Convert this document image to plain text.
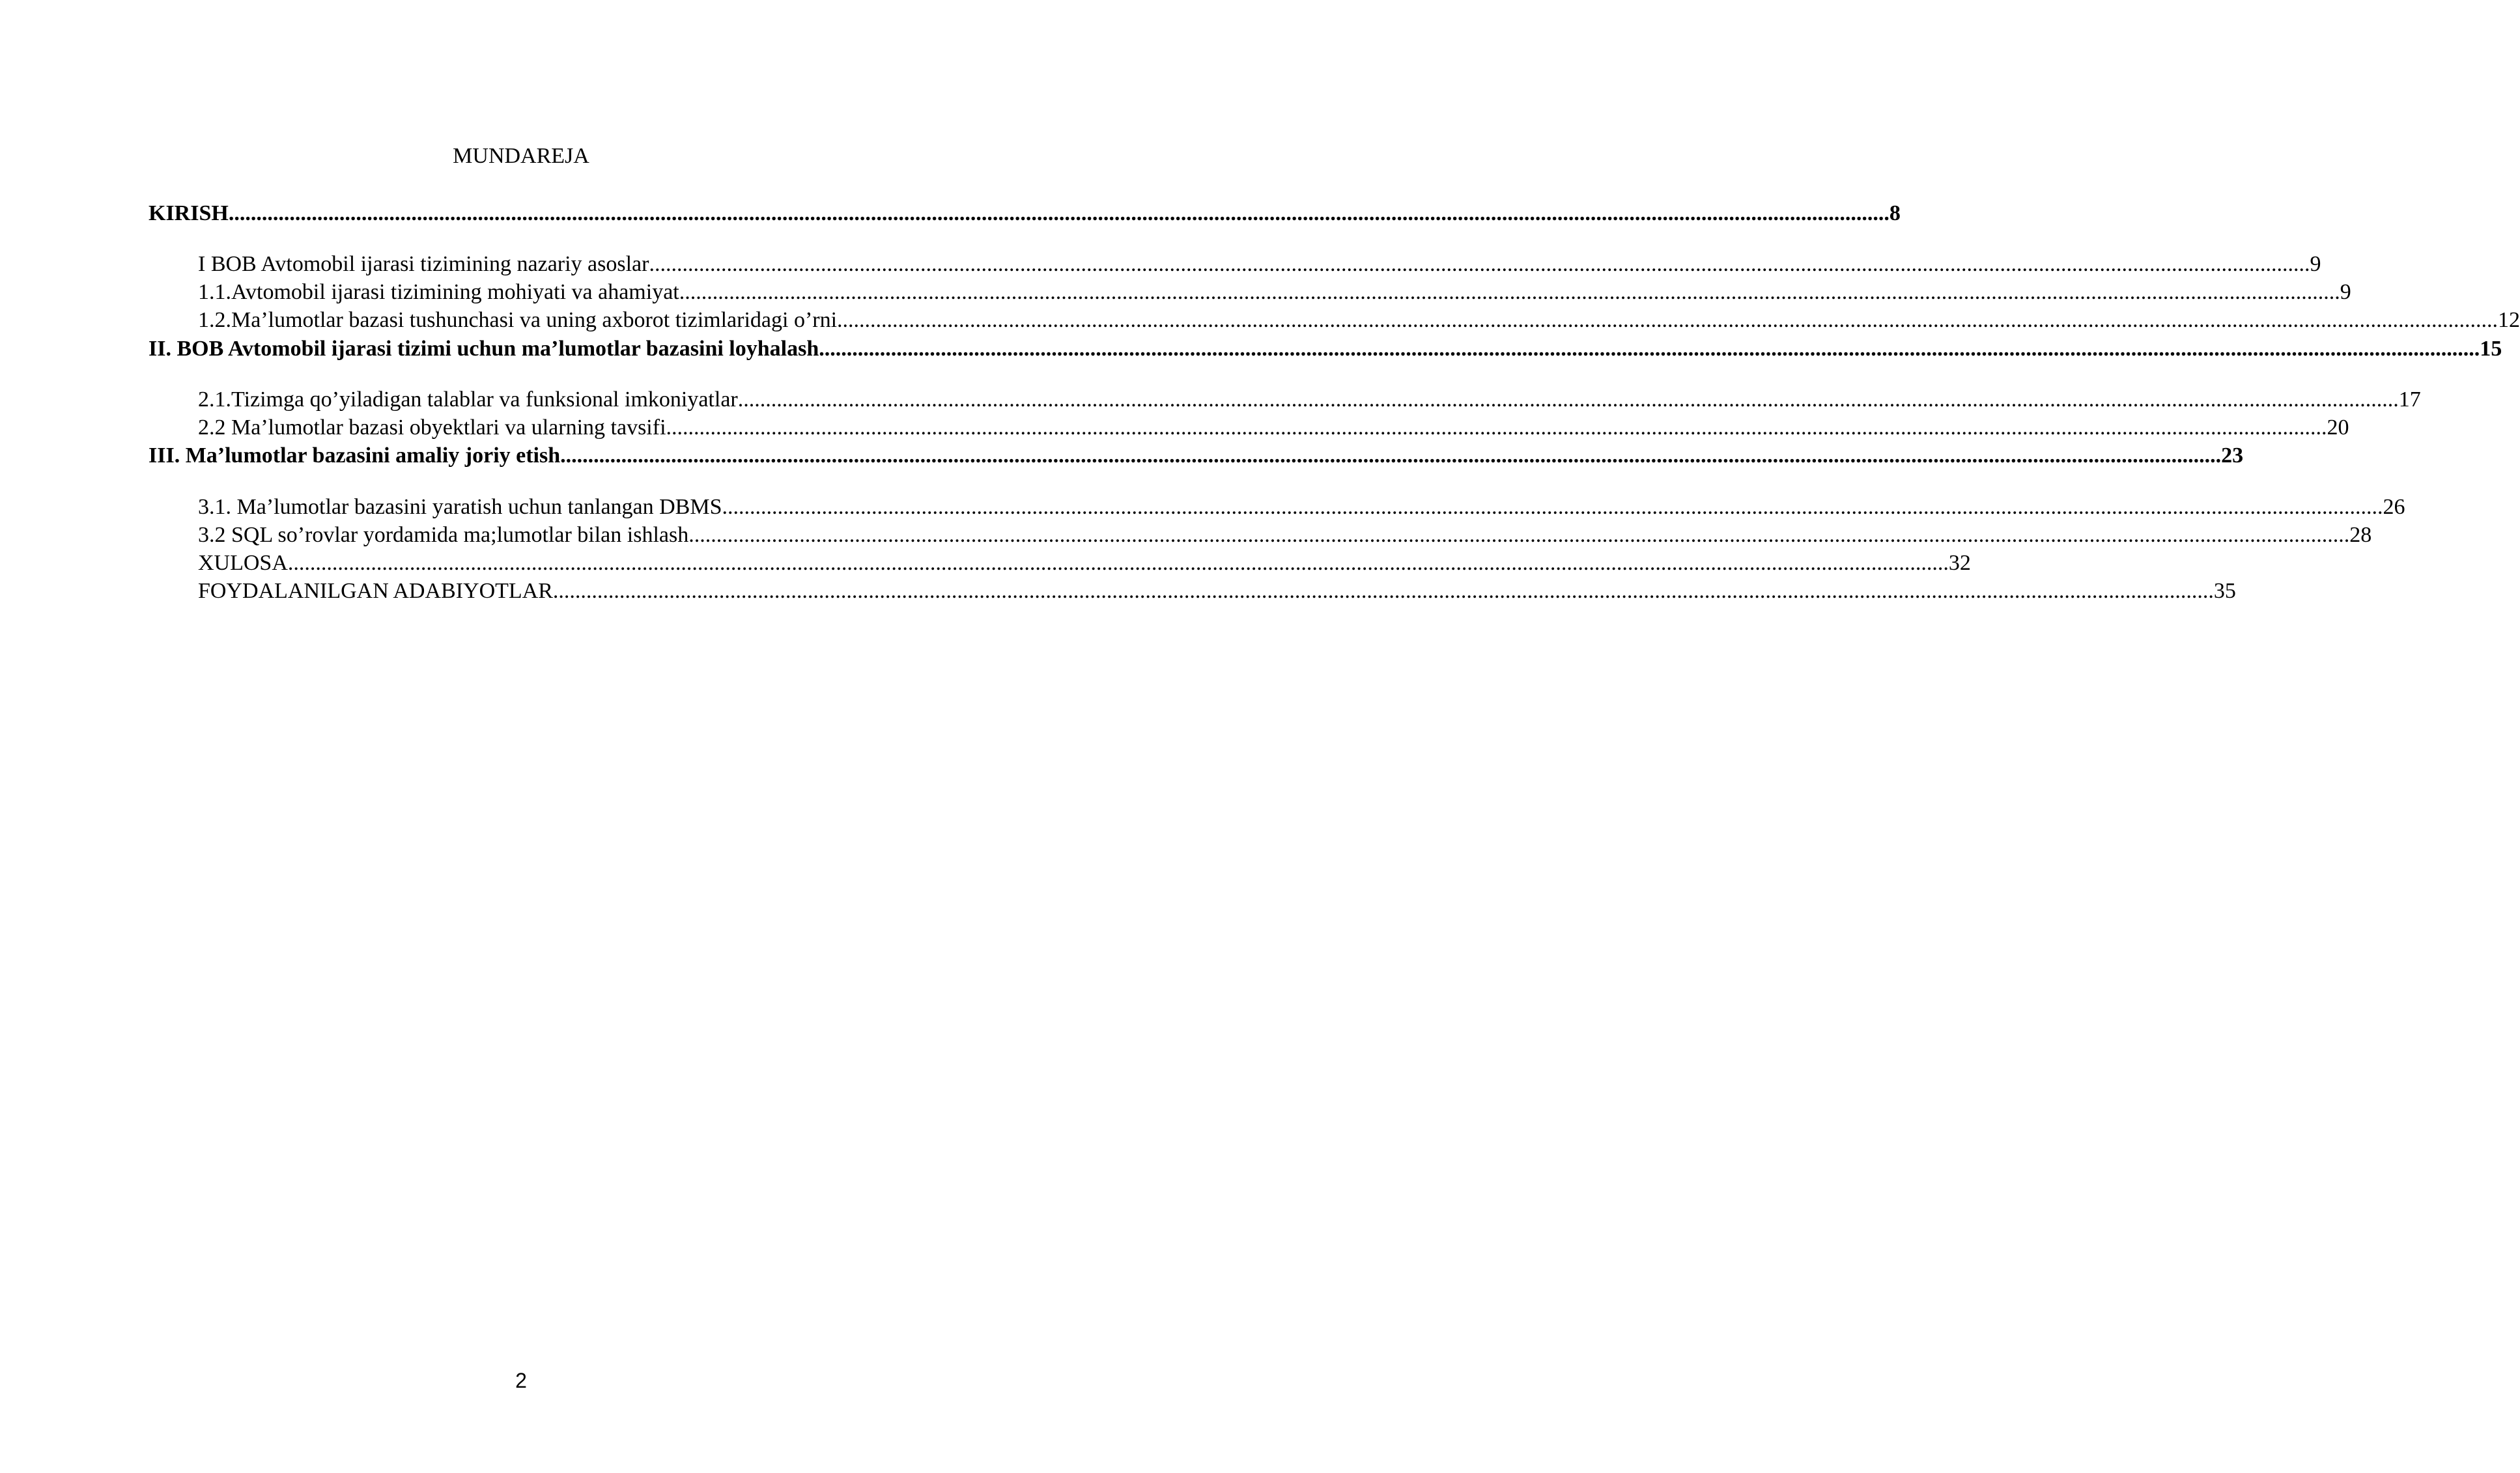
MUNDAREJA
KIRISH ............................................................................................................................................................................................................................................................................................................ 8
I BOB Avtomobil ijarasi tizimining nazariy asoslar ............................................................................................................................................................................................................................................................................................................ 9
1.1.Avtomobil ijarasi tizimining mohiyati va ahamiyat ............................................................................................................................................................................................................................................................................................................ 9
1.2.Ma’lumotlar bazasi tushunchasi va uning axborot tizimlaridagi o’rni ............................................................................................................................................................................................................................................................................................................ 12
II. BOB Avtomobil ijarasi tizimi uchun ma’lumotlar bazasini loyhalash ............................................................................................................................................................................................................................................................................................................ 15
2.1.Tizimga qo’yiladigan talablar va funksional imkoniyatlar ............................................................................................................................................................................................................................................................................................................ 17
2.2 Ma’lumotlar bazasi obyektlari va ularning tavsifi ............................................................................................................................................................................................................................................................................................................ 20
III. Ma’lumotlar bazasini amaliy joriy etish ............................................................................................................................................................................................................................................................................................................ 23
3.1. Ma’lumotlar bazasini yaratish uchun tanlangan DBMS ............................................................................................................................................................................................................................................................................................................ 26
3.2 SQL so’rovlar yordamida ma;lumotlar bilan ishlash ............................................................................................................................................................................................................................................................................................................ 28
XULOSA ............................................................................................................................................................................................................................................................................................................ 32
FOYDALANILGAN ADABIYOTLAR ............................................................................................................................................................................................................................................................................................................ 35
2
